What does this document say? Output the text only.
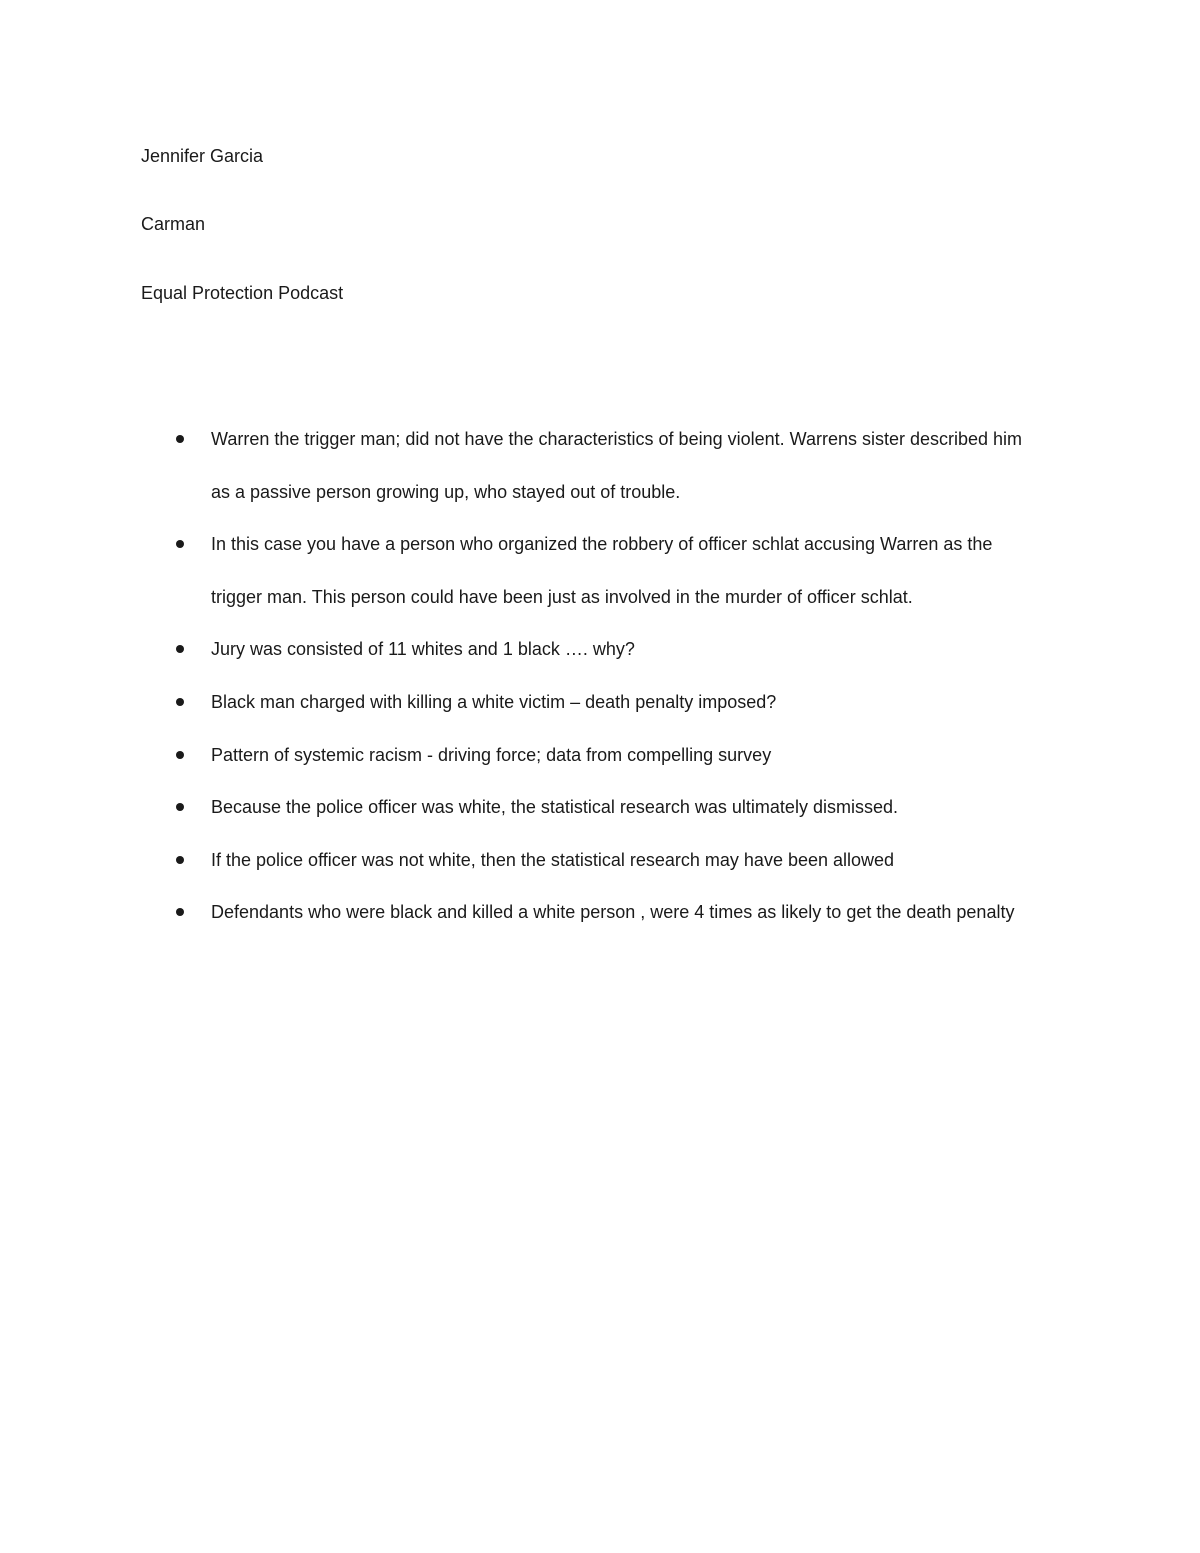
Jennifer Garcia
Carman
Equal Protection Podcast
Warren the trigger man; did not have the characteristics of being violent. Warrens sister described him as a passive person growing up, who stayed out of trouble.
In this case you have a person who organized the robbery of officer schlat accusing Warren as the trigger man. This person could have been just as involved in the murder of officer schlat.
Jury was consisted of 11 whites and 1 black …. why?
Black man charged with killing a white victim – death penalty imposed?
Pattern of systemic racism - driving force; data from compelling survey
Because the police officer was white, the statistical research was ultimately dismissed.
If the police officer was not white, then the statistical research may have been allowed
Defendants who were black and killed a white person , were 4 times as likely to get the death penalty
